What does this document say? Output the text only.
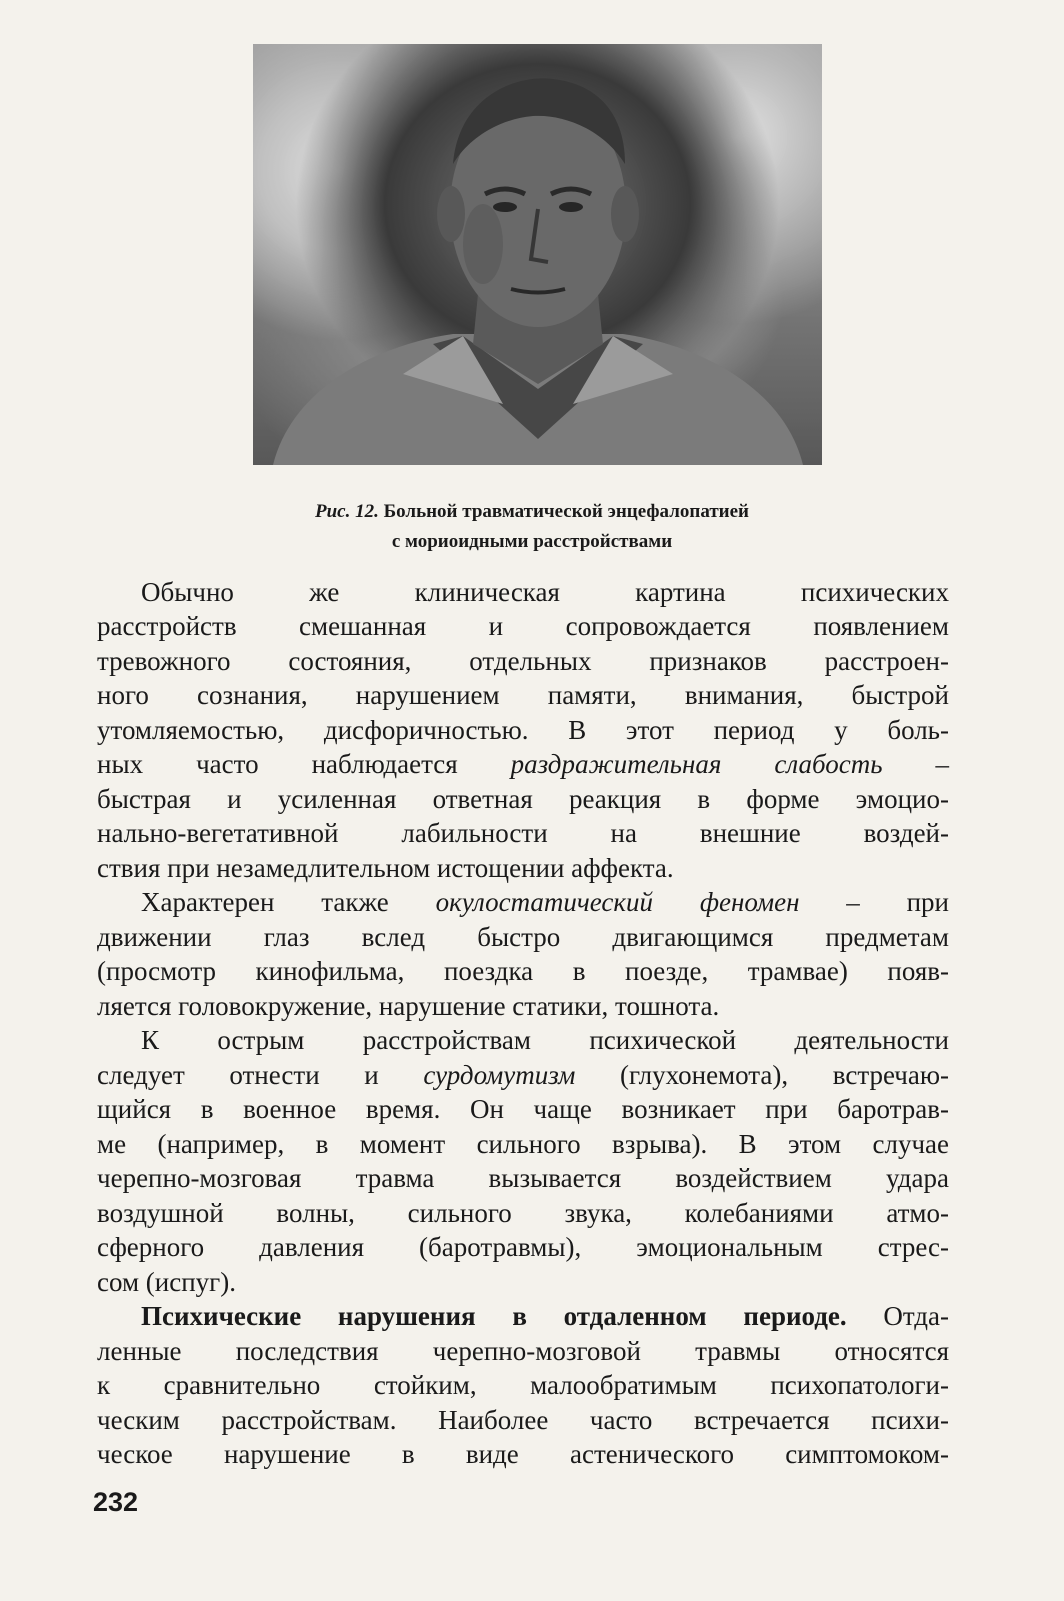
Рис. 12. Больной травматической энцефалопатией
с мориоидными расстройствами
Обычно же клиническая картина психических
расстройств смешанная и сопровождается появлением
тревожного состояния, отдельных признаков расстроен-
ного сознания, нарушением памяти, внимания, быстрой
утомляемостью, дисфоричностью. В этот период у боль-
ных часто наблюдается раздражительная слабость –
быстрая и усиленная ответная реакция в форме эмоцио-
нально-вегетативной лабильности на внешние воздей-
ствия при незамедлительном истощении аффекта.
Характерен также окулостатический феномен – при
движении глаз вслед быстро двигающимся предметам
(просмотр кинофильма, поездка в поезде, трамвае) появ-
ляется головокружение, нарушение статики, тошнота.
К острым расстройствам психической деятельности
следует отнести и сурдомутизм (глухонемота), встречаю-
щийся в военное время. Он чаще возникает при баротрав-
ме (например, в момент сильного взрыва). В этом случае
черепно-мозговая травма вызывается воздействием удара
воздушной волны, сильного звука, колебаниями атмо-
сферного давления (баротравмы), эмоциональным стрес-
сом (испуг).
Психические нарушения в отдаленном периоде. Отда-
ленные последствия черепно-мозговой травмы относятся
к сравнительно стойким, малообратимым психопатологи-
ческим расстройствам. Наиболее часто встречается психи-
ческое нарушение в виде астенического симптомоком-
232
